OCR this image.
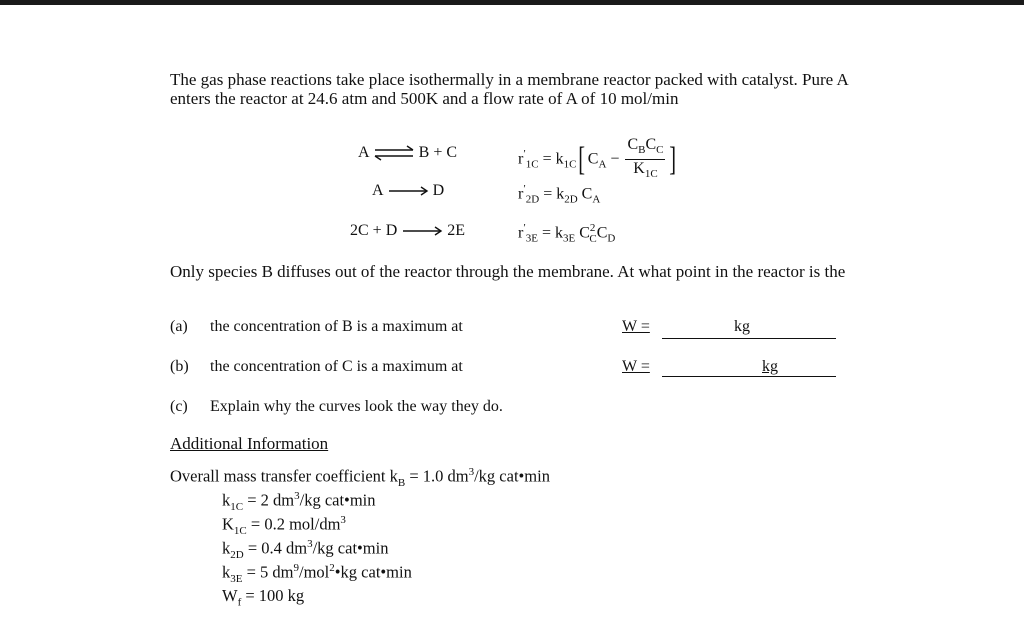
The gas phase reactions take place isothermally in a membrane reactor packed with catalyst. Pure A enters the reactor at 24.6 atm and 500K and a flow rate of A of 10 mol/min
A ⇌ B + C
A	D
2C + D	2E
$r'_{1C} = k_{1C}$[ $C_A - \frac{C_BC_C}{K_{1C}}$ ]
$r'_{2D} = k_{2D}$ $C_A$
$r'_{3E} = k_{3E}$ $C^2_CC_D$
Only species B diffuses out of the reactor through the membrane. At what point in the reactor is the
(a) the concentration of B is a maximum at	W =	kg
(b) the concentration of C is a maximum at	W =	kg
(c) Explain why the curves look the way they do.
Additional Information
Overall mass transfer coefficient $k_B = 1.0$ $dm^3/kg$ cat•min
$k_{1C} = 2$ $dm^3/kg$ cat•min
$K_{1C} = 0.2$ mol/$dm^3$
$k_{2D} = 0.4$ $dm^3/kg$ cat•min
$k_{3E} = 5$ $dm^9/mol^2•kg$ cat•min
$W_f = 100$ kg
